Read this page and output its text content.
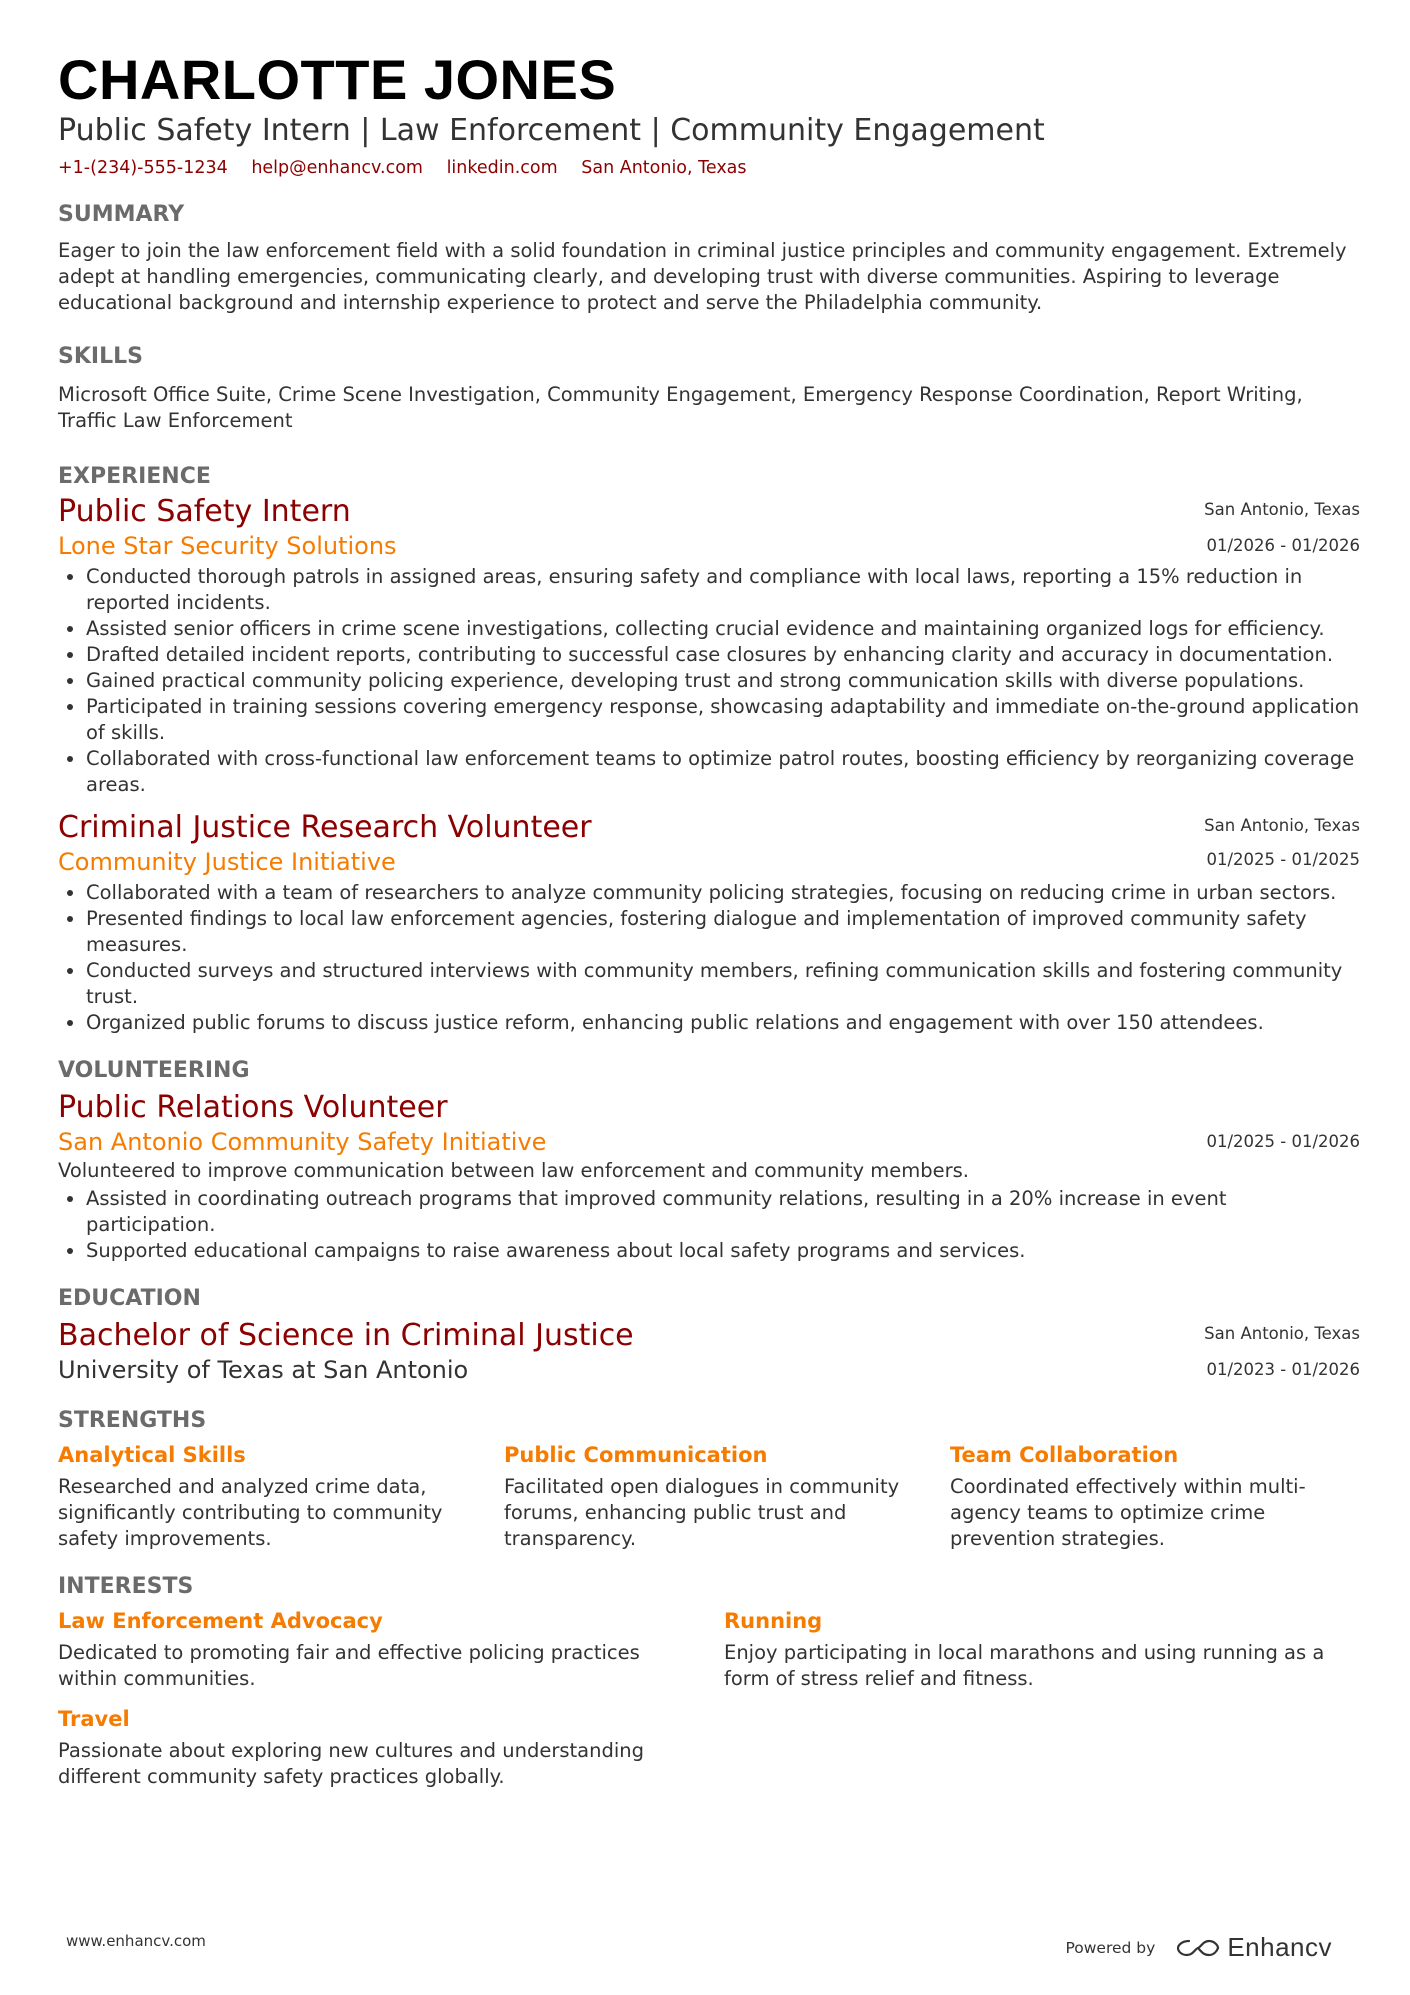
CHARLOTTE JONES
Public Safety Intern | Law Enforcement | Community Engagement
+1-(234)-555-1234 help@enhancv.com linkedin.com San Antonio, Texas
SUMMARY
Eager to join the law enforcement field with a solid foundation in criminal justice principles and community engagement. Extremely adept at handling emergencies, communicating clearly, and developing trust with diverse communities. Aspiring to leverage educational background and internship experience to protect and serve the Philadelphia community.
SKILLS
Microsoft Office Suite, Crime Scene Investigation, Community Engagement, Emergency Response Coordination, Report Writing, Traffic Law Enforcement
EXPERIENCE
San Antonio, Texas
01/2026 - 01/2026
Public Safety Intern
Lone Star Security Solutions
• Conducted thorough patrols in assigned areas, ensuring safety and compliance with local laws, reporting a 15% reduction in reported incidents.
• Assisted senior officers in crime scene investigations, collecting crucial evidence and maintaining organized logs for efficiency.
• Drafted detailed incident reports, contributing to successful case closures by enhancing clarity and accuracy in documentation.
• Gained practical community policing experience, developing trust and strong communication skills with diverse populations.
• Participated in training sessions covering emergency response, showcasing adaptability and immediate on-the-ground application of skills.
• Collaborated with cross-functional law enforcement teams to optimize patrol routes, boosting efficiency by reorganizing coverage areas.
San Antonio, Texas
01/2025 - 01/2025
Criminal Justice Research Volunteer
Community Justice Initiative
• Collaborated with a team of researchers to analyze community policing strategies, focusing on reducing crime in urban sectors.
• Presented findings to local law enforcement agencies, fostering dialogue and implementation of improved community safety measures.
• Conducted surveys and structured interviews with community members, refining communication skills and fostering community trust.
• Organized public forums to discuss justice reform, enhancing public relations and engagement with over 150 attendees.
VOLUNTEERING
01/2025 - 01/2026
Public Relations Volunteer
San Antonio Community Safety Initiative
Volunteered to improve communication between law enforcement and community members.
• Assisted in coordinating outreach programs that improved community relations, resulting in a 20% increase in event participation.
• Supported educational campaigns to raise awareness about local safety programs and services.
EDUCATION
San Antonio, Texas
01/2023 - 01/2026
Bachelor of Science in Criminal Justice
University of Texas at San Antonio
STRENGTHS
Analytical Skills
Researched and analyzed crime data, significantly contributing to community safety improvements.
Public Communication
Facilitated open dialogues in community forums, enhancing public trust and transparency.
Team Collaboration
Coordinated effectively within multi-agency teams to optimize crime prevention strategies.
INTERESTS
Law Enforcement Advocacy
Dedicated to promoting fair and effective policing practices within communities.
Running
Enjoy participating in local marathons and using running as a form of stress relief and fitness.
Travel
Passionate about exploring new cultures and understanding different community safety practices globally.
www.enhancv.com	Powered by	Enhancv
